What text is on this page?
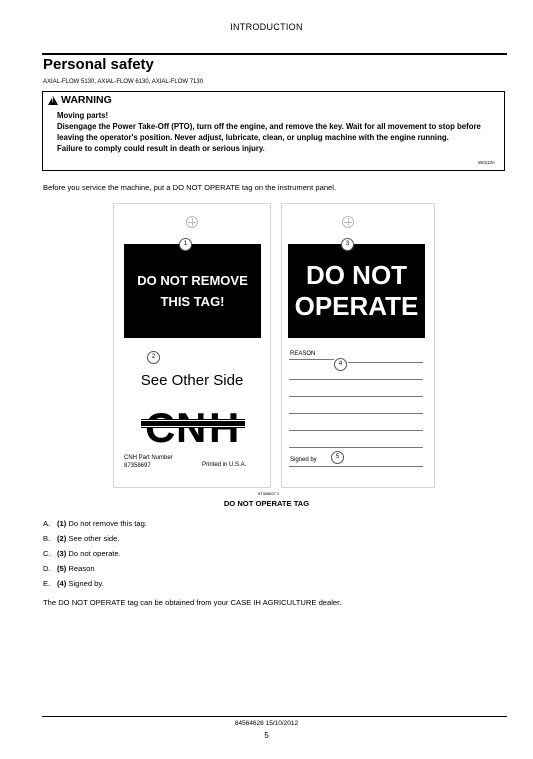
INTRODUCTION
Personal safety
AXIAL-FLOW 5130, AXIAL-FLOW 6130, AXIAL-FLOW 7130
!
WARNING
Moving parts!
Disengage the Power Take-Off (PTO), turn off the engine, and remove the key. Wait for all movement to stop before leaving the operator's position. Never adjust, lubricate, clean, or unplug machine with the engine running.
Failure to comply could result in death or serious injury.
W0113A
Before you service the machine, put a DO NOT OPERATE tag on the instrument panel.
DO NOT REMOVE
THIS TAG!
DO NOT
OPERATE
1	3
2
4
5
See Other Side
CNH Part Number
87358697	Printed in U.S.A.
REASON
Signed by
87358697 1
DO NOT OPERATE TAG
A. (1) Do not remove this tag.
B. (2) See other side.
C. (3) Do not operate.
D. (5) Reason
E. (4) Signed by.
The DO NOT OPERATE tag can be obtained from your CASE IH AGRICULTURE dealer.
84564628 15/10/2012
5
